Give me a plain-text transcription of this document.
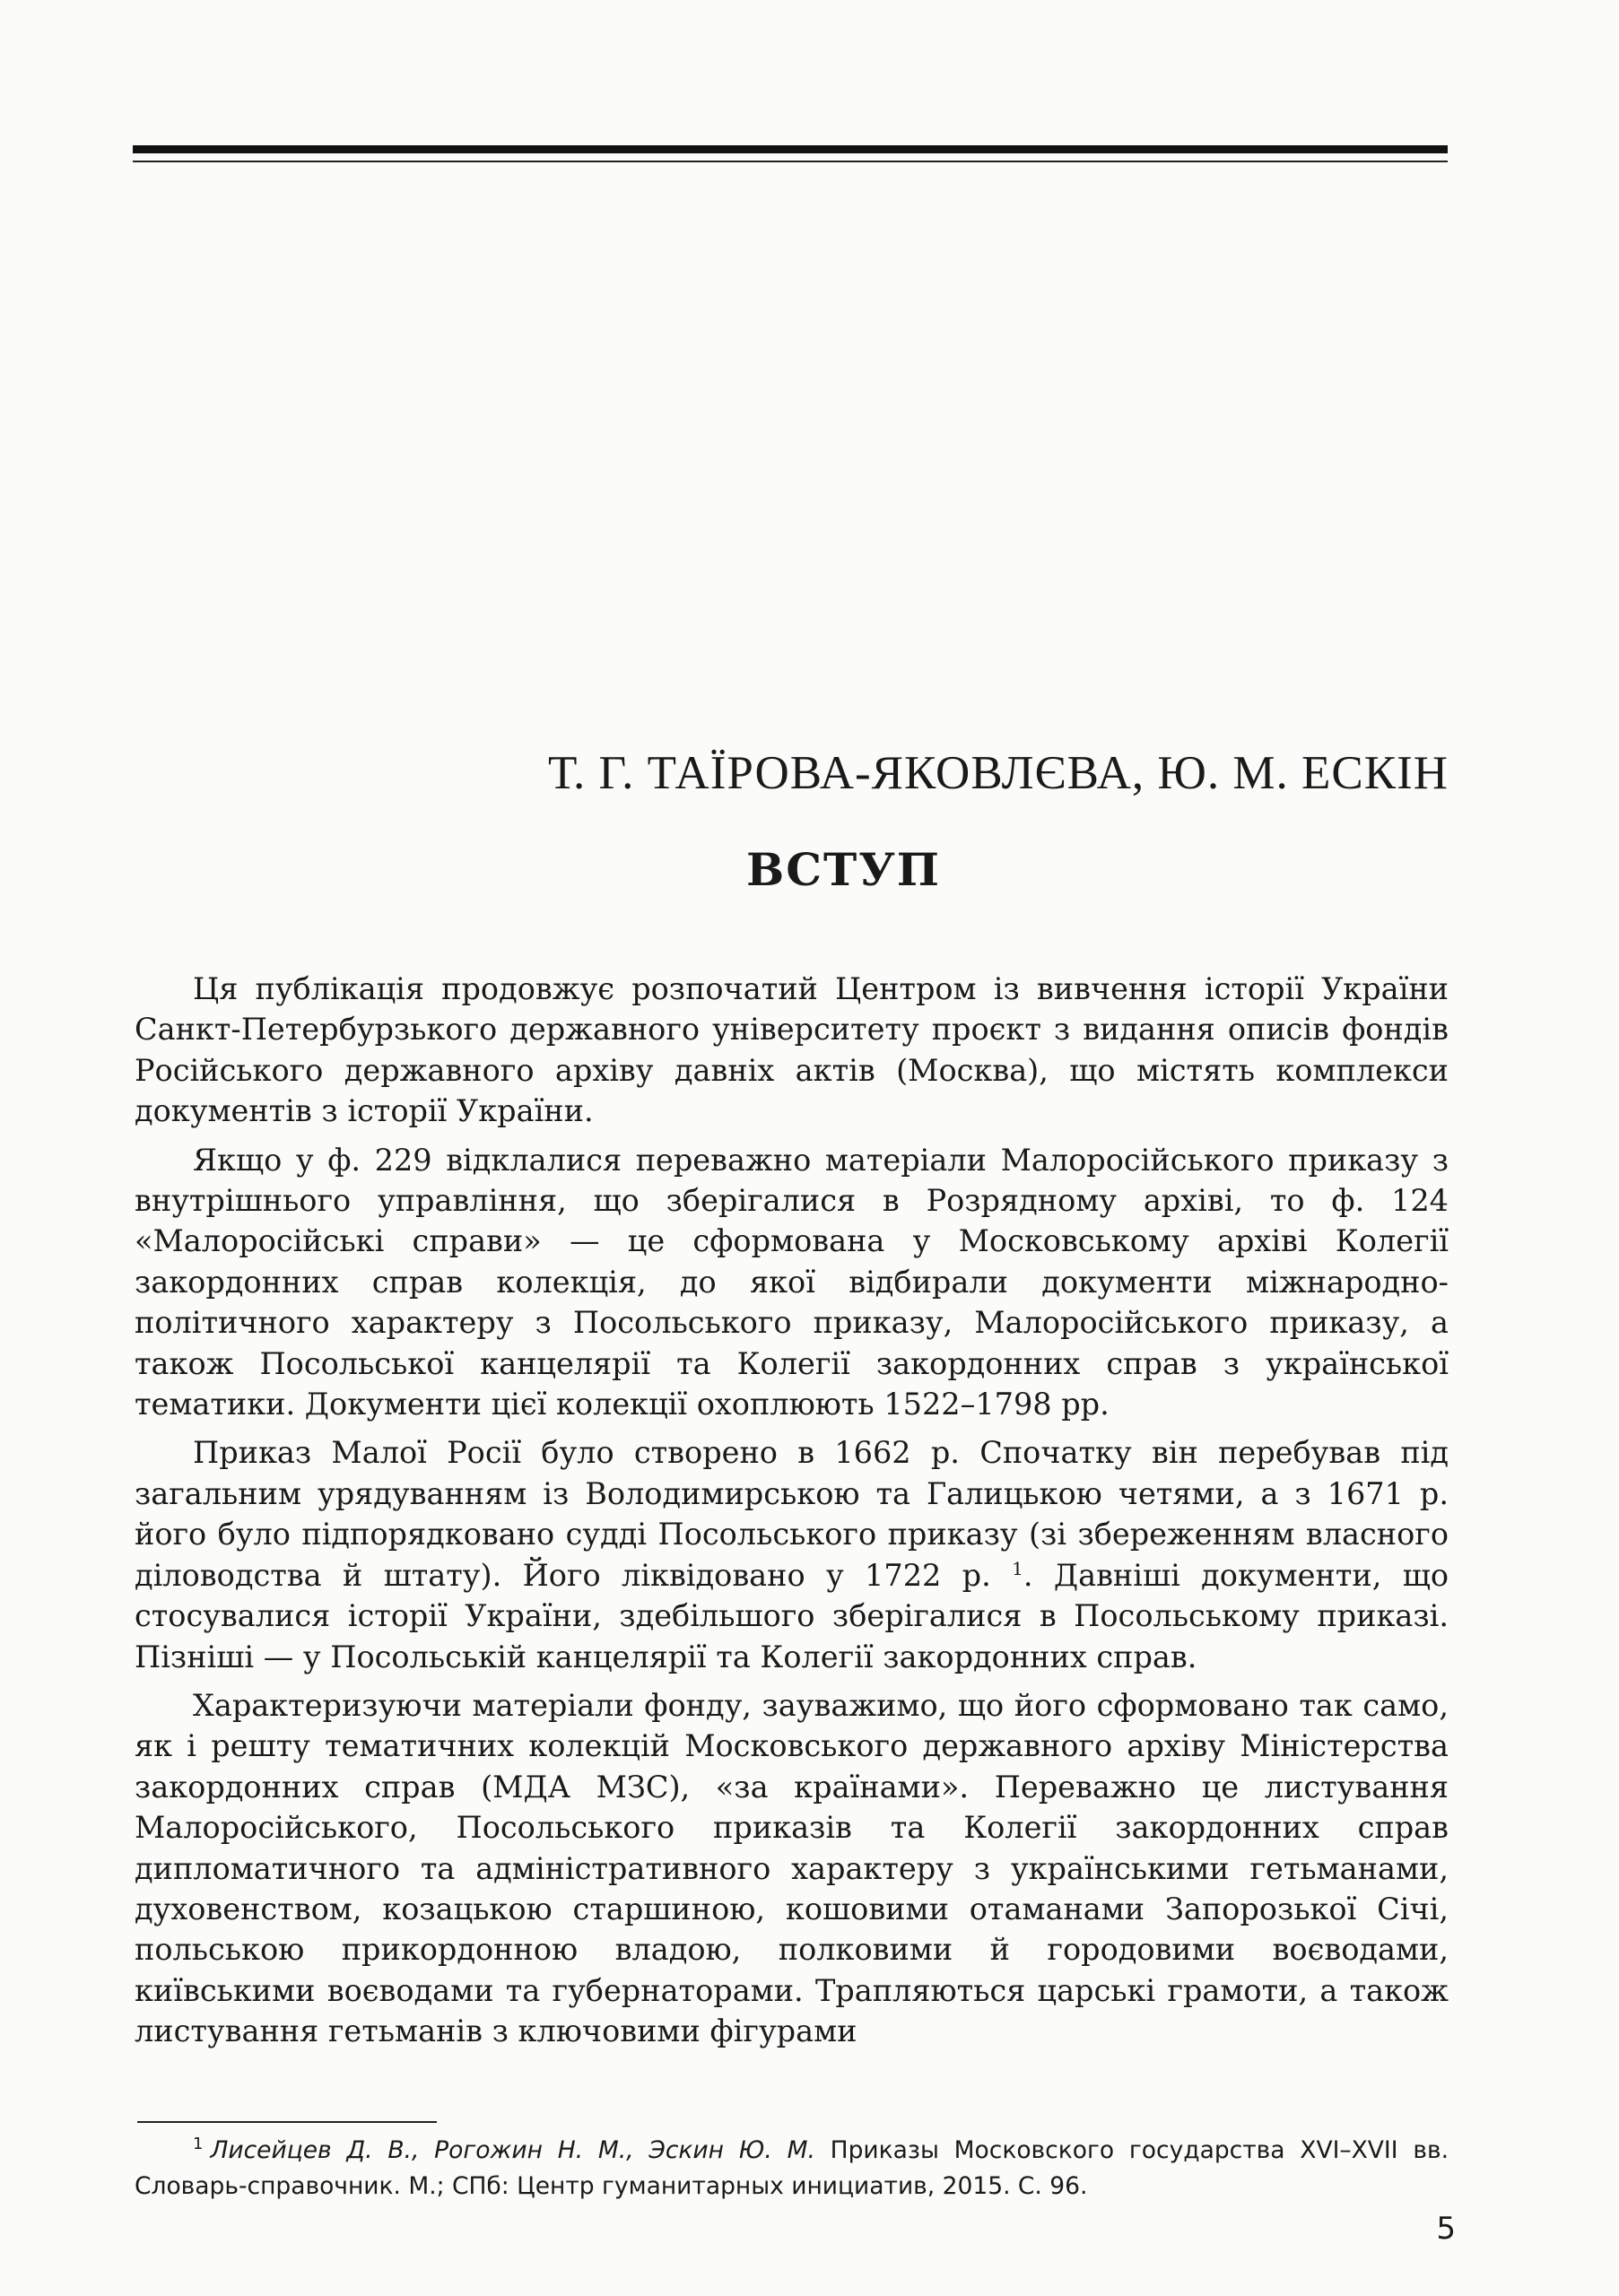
Т. Г. ТАЇРОВА-ЯКОВЛЄВА, Ю. М. ЕСКІН
ВСТУП

Ця публікація продовжує розпочатий Центром із вивчення історії України Санкт-Петербурзького державного університету проєкт з видання описів фондів Російського державного архіву давніх актів (Москва), що містять комплекси документів з історії України.

Якщо у ф. 229 відклалися переважно матеріали Малоросійського приказу з внутрішнього управління, що зберігалися в Розрядному архіві, то ф. 124 «Малоросійські справи» — це сформована у Московському архіві Колегії закордонних справ колекція, до якої відбирали документи міжнародно-політичного характеру з Посольського приказу, Малоросійського приказу, а також Посольської канцелярії та Колегії закордонних справ з української тематики. Документи цієї колекції охоплюють 1522–1798 рр.

Приказ Малої Росії було створено в 1662 р. Спочатку він перебував під загальним урядуванням із Володимирською та Галицькою четями, а з 1671 р. його було підпорядковано судді Посольського приказу (зі збереженням власного діловодства й штату). Його ліквідовано у 1722 р. $^1$. Давніші документи, що стосувалися історії України, здебільшого зберігалися в Посольському приказі. Пізніші — у Посольській канцелярії та Колегії закордонних справ.

Характеризуючи матеріали фонду, зауважимо, що його сформовано так само, як і решту тематичних колекцій Московського державного архіву Міністерства закордонних справ (МДА МЗС), «за країнами». Переважно це листування Малоросійського, Посольського приказів та Колегії закордонних справ дипломатичного та адміністративного характеру з українськими гетьманами, духовенством, козацькою старшиною, кошовими отаманами Запорозької Січі, польською прикордонною владою, полковими й городовими воєводами, київськими воєводами та губернаторами. Трапляються царські грамоти, а також листування гетьманів з ключовими фігурами

$^1$ Лисейцев Д. В., Рогожин Н. М., Эскин Ю. М. Приказы Московского государства XVI–XVII вв. Словарь-справочник. М.; СПб: Центр гуманитарных инициатив, 2015. С. 96.
5
